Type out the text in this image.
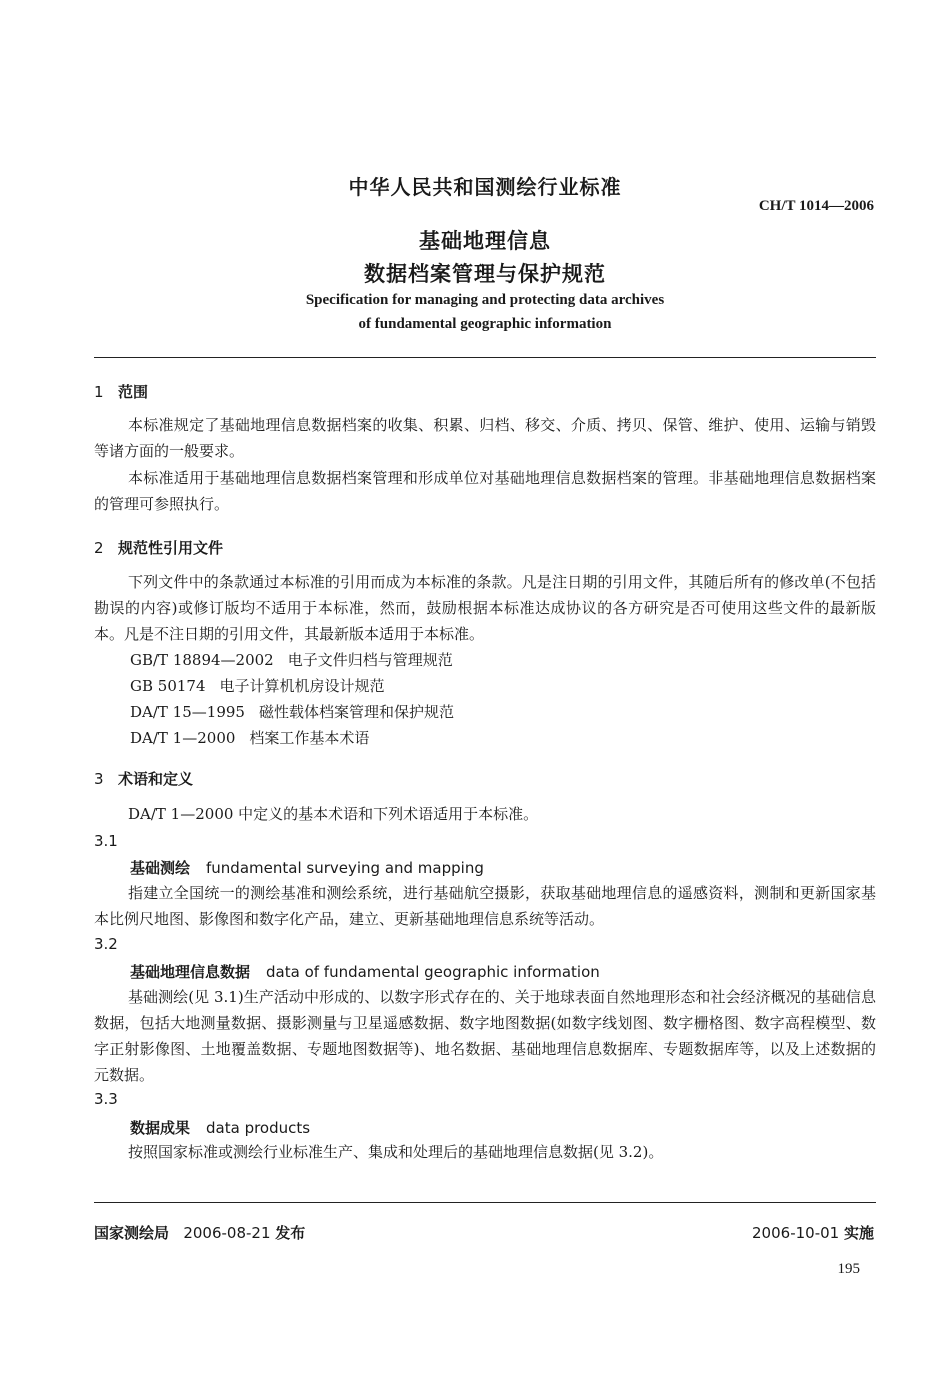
中华人民共和国测绘行业标准
CH/T 1014—2006
基础地理信息
数据档案管理与保护规范
Specification for managing and protecting data archives
of fundamental geographic information
1 范围
本标准规定了基础地理信息数据档案的收集、积累、归档、移交、介质、拷贝、保管、维护、使用、运输与销毁等诸方面的一般要求。
本标准适用于基础地理信息数据档案管理和形成单位对基础地理信息数据档案的管理。非基础地理信息数据档案的管理可参照执行。
2 规范性引用文件
下列文件中的条款通过本标准的引用而成为本标准的条款。凡是注日期的引用文件，其随后所有的修改单(不包括勘误的内容)或修订版均不适用于本标准，然而，鼓励根据本标准达成协议的各方研究是否可使用这些文件的最新版本。凡是不注日期的引用文件，其最新版本适用于本标准。
GB/T 18894—2002 电子文件归档与管理规范
GB 50174 电子计算机机房设计规范
DA/T 15—1995 磁性载体档案管理和保护规范
DA/T 1—2000 档案工作基本术语
3 术语和定义
DA/T 1—2000 中定义的基本术语和下列术语适用于本标准。
3.1
基础测绘 fundamental surveying and mapping
指建立全国统一的测绘基准和测绘系统，进行基础航空摄影，获取基础地理信息的遥感资料，测制和更新国家基本比例尺地图、影像图和数字化产品，建立、更新基础地理信息系统等活动。
3.2
基础地理信息数据 data of fundamental geographic information
基础测绘(见 3.1)生产活动中形成的、以数字形式存在的、关于地球表面自然地理形态和社会经济概况的基础信息数据，包括大地测量数据、摄影测量与卫星遥感数据、数字地图数据(如数字线划图、数字栅格图、数字高程模型、数字正射影像图、土地覆盖数据、专题地图数据等)、地名数据、基础地理信息数据库、专题数据库等，以及上述数据的元数据。
3.3
数据成果 data products
按照国家标准或测绘行业标准生产、集成和处理后的基础地理信息数据(见 3.2)。
国家测绘局 2006-08-21 发布	2006-10-01 实施
195
